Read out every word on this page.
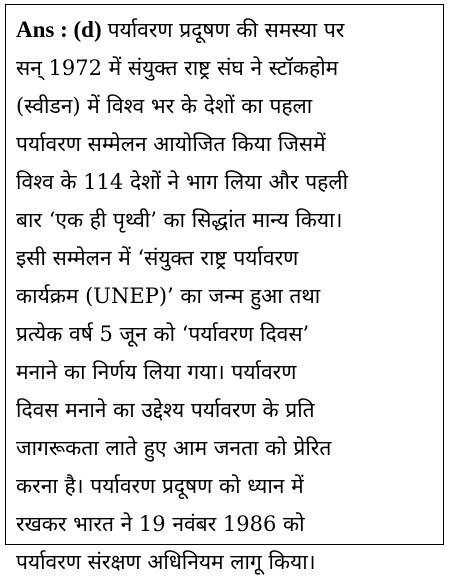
Ans : (d) पर्यावरण प्रदूषण की समस्या पर
सन् 1972 में संयुक्त राष्ट्र संघ ने स्टॉकहोम
(स्वीडन) में विश्व भर के देशों का पहला
पर्यावरण सम्मेलन आयोजित किया जिसमें
विश्व के 114 देशों ने भाग लिया और पहली
बार ‘एक ही पृथ्वी’ का सिद्धांत मान्य किया।
इसी सम्मेलन में ‘संयुक्त राष्ट्र पर्यावरण
कार्यक्रम (UNEP)’ का जन्म हुआ तथा
प्रत्येक वर्ष 5 जून को ‘पर्यावरण दिवस’
मनाने का निर्णय लिया गया। पर्यावरण
दिवस मनाने का उद्देश्य पर्यावरण के प्रति
जागरूकता लाते हुए आम जनता को प्रेरित
करना है। पर्यावरण प्रदूषण को ध्यान में
रखकर भारत ने 19 नवंबर 1986 को
पर्यावरण संरक्षण अधिनियम लागू किया।
